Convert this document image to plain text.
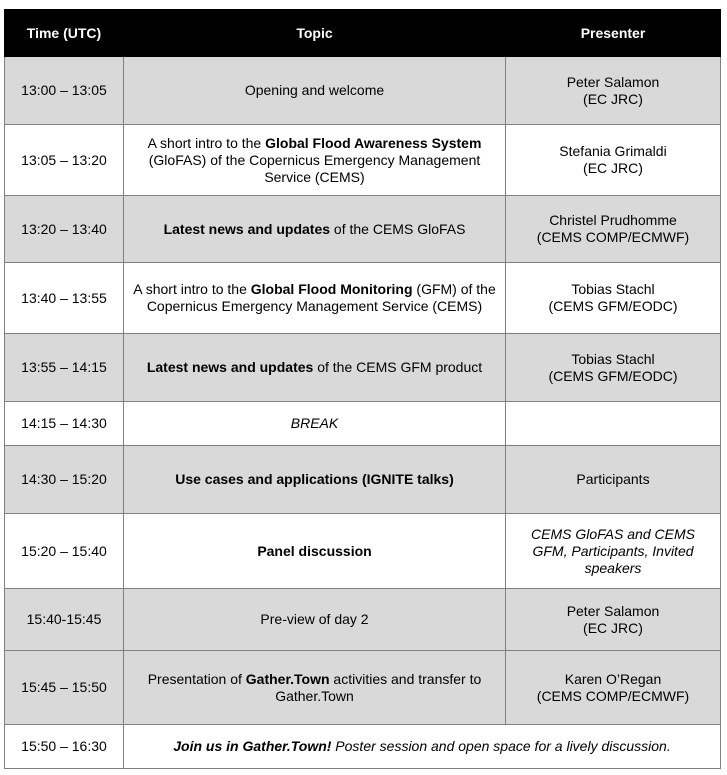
Time (UTC)	Topic	Presenter
13:00 – 13:05	Opening and welcome	Peter Salamon
(EC JRC)
13:05 – 13:20	A short intro to the Global Flood Awareness System (GloFAS) of the Copernicus Emergency Management Service (CEMS)	Stefania Grimaldi
(EC JRC)
13:20 – 13:40	Latest news and updates of the CEMS GloFAS	Christel Prudhomme
(CEMS COMP/ECMWF)
13:40 – 13:55	A short intro to the Global Flood Monitoring (GFM) of the Copernicus Emergency Management Service (CEMS)	Tobias Stachl
(CEMS GFM/EODC)
13:55 – 14:15	Latest news and updates of the CEMS GFM product	Tobias Stachl
(CEMS GFM/EODC)
14:15 – 14:30	BREAK	
14:30 – 15:20	Use cases and applications (IGNITE talks)	Participants
15:20 – 15:40	Panel discussion	CEMS GloFAS and CEMS GFM, Participants, Invited speakers
15:40-15:45	Pre-view of day 2	Peter Salamon
(EC JRC)
15:45 – 15:50	Presentation of Gather.Town activities and transfer to Gather.Town	Karen O’Regan
(CEMS COMP/ECMWF)
15:50 – 16:30	Join us in Gather.Town! Poster session and open space for a lively discussion.	
